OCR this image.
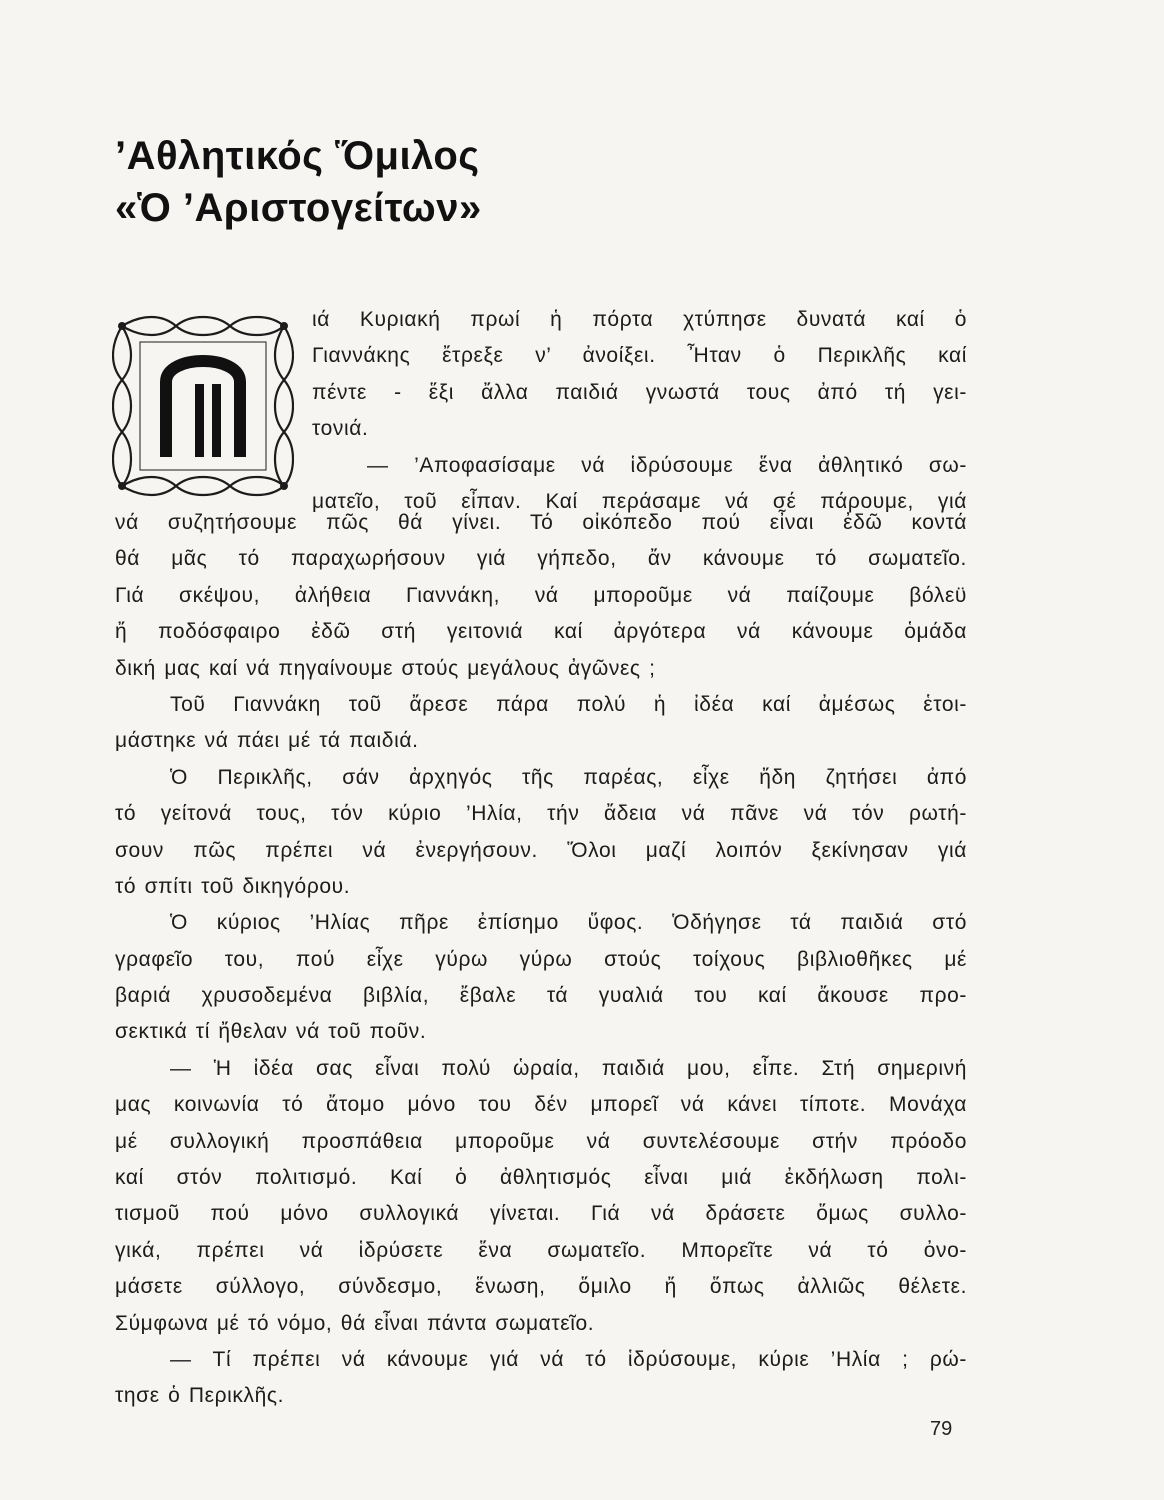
’Αθλητικός Ὅμιλος
«Ὁ ’Αριστογείτων»
Μ
ιά Κυριακή πρωί ἡ πόρτα χτύπησε δυνατά καί ὁ
Γιαννάκης ἔτρεξε ν’ ἀνοίξει. Ἦταν ὁ Περικλῆς καί
πέντε - ἕξι ἄλλα παιδιά γνωστά τους ἀπό τή γει-
τονιά.
— ’Αποφασίσαμε νά ἱδρύσουμε ἕνα ἀθλητικό σω-
ματεῖο, τοῦ εἶπαν. Καί περάσαμε νά σέ πάρουμε, γιά
νά συζητήσουμε πῶς θά γίνει. Τό οἰκόπεδο πού εἶναι ἐδῶ κοντά
θά μᾶς τό παραχωρήσουν γιά γήπεδο, ἄν κάνουμε τό σωματεῖο.
Γιά σκέψου, ἀλήθεια Γιαννάκη, νά μποροῦμε νά παίζουμε βόλεϋ
ἤ ποδόσφαιρο ἐδῶ στή γειτονιά καί ἀργότερα νά κάνουμε ὁμάδα
δική μας καί νά πηγαίνουμε στούς μεγάλους ἀγῶνες ;
Τοῦ Γιαννάκη τοῦ ἄρεσε πάρα πολύ ἡ ἰδέα καί ἀμέσως ἑτοι-
μάστηκε νά πάει μέ τά παιδιά.
Ὁ Περικλῆς, σάν ἀρχηγός τῆς παρέας, εἶχε ἤδη ζητήσει ἀπό
τό γείτονά τους, τόν κύριο ’Ηλία, τήν ἄδεια νά πᾶνε νά τόν ρωτή-
σουν πῶς πρέπει νά ἐνεργήσουν. Ὅλοι μαζί λοιπόν ξεκίνησαν γιά
τό σπίτι τοῦ δικηγόρου.
Ὁ κύριος ’Ηλίας πῆρε ἐπίσημο ὕφος. Ὁδήγησε τά παιδιά στό
γραφεῖο του, πού εἶχε γύρω γύρω στούς τοίχους βιβλιοθῆκες μέ
βαριά χρυσοδεμένα βιβλία, ἔβαλε τά γυαλιά του καί ἄκουσε προ-
σεκτικά τί ἤθελαν νά τοῦ ποῦν.
— Ἡ ἰδέα σας εἶναι πολύ ὡραία, παιδιά μου, εἶπε. Στή σημερινή
μας κοινωνία τό ἄτομο μόνο του δέν μπορεῖ νά κάνει τίποτε. Μονάχα
μέ συλλογική προσπάθεια μποροῦμε νά συντελέσουμε στήν πρόοδο
καί στόν πολιτισμό. Καί ὁ ἀθλητισμός εἶναι μιά ἐκδήλωση πολι-
τισμοῦ πού μόνο συλλογικά γίνεται. Γιά νά δράσετε ὅμως συλλο-
γικά, πρέπει νά ἱδρύσετε ἕνα σωματεῖο. Μπορεῖτε νά τό ὀνο-
μάσετε σύλλογο, σύνδεσμο, ἕνωση, ὅμιλο ἤ ὅπως ἀλλιῶς θέλετε.
Σύμφωνα μέ τό νόμο, θά εἶναι πάντα σωματεῖο.
— Τί πρέπει νά κάνουμε γιά νά τό ἱδρύσουμε, κύριε ’Ηλία ; ρώ-
τησε ὁ Περικλῆς.
79
